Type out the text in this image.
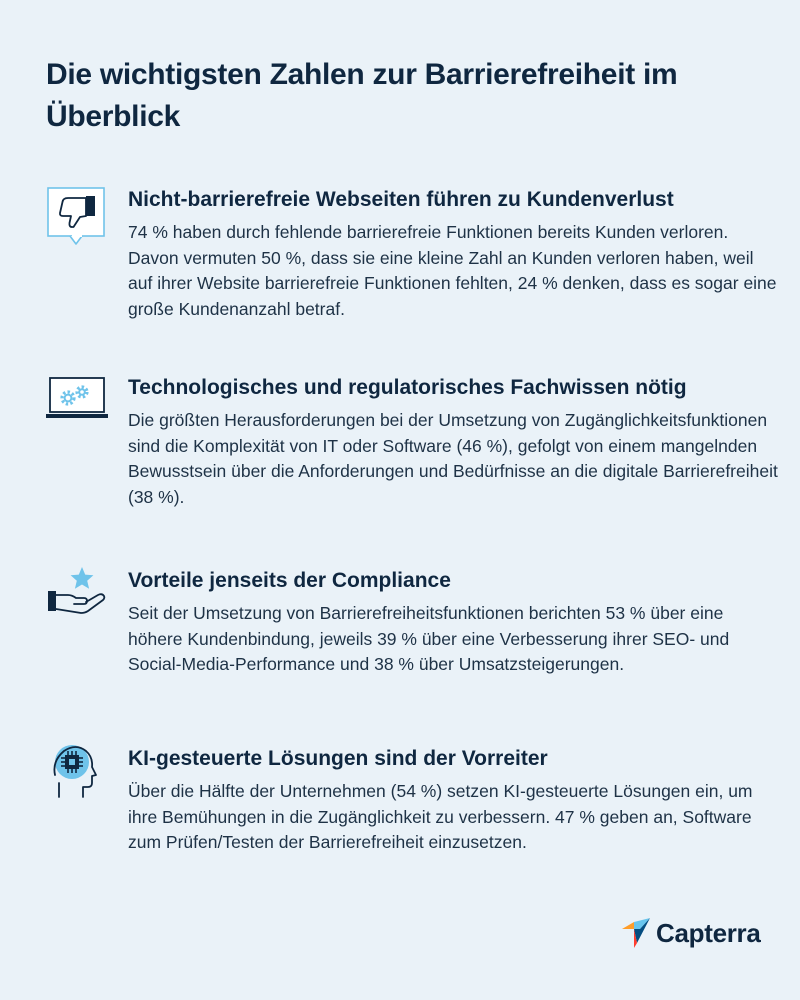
Die wichtigsten Zahlen zur Barrierefreiheit im Überblick
Nicht-barrierefreie Webseiten führen zu Kundenverlust
74 % haben durch fehlende barrierefreie Funktionen bereits Kunden verloren. Davon vermuten 50 %, dass sie eine kleine Zahl an Kunden verloren haben, weil auf ihrer Website barrierefreie Funktionen fehlten, 24 % denken, dass es sogar eine große Kundenanzahl betraf.
Technologisches und regulatorisches Fachwissen nötig
Die größten Herausforderungen bei der Umsetzung von Zugänglichkeitsfunktionen sind die Komplexität von IT oder Software (46 %), gefolgt von einem mangelnden Bewusstsein über die Anforderungen und Bedürfnisse an die digitale Barrierefreiheit (38 %).
Vorteile jenseits der Compliance
Seit der Umsetzung von Barrierefreiheitsfunktionen berichten 53 % über eine höhere Kundenbindung, jeweils 39 % über eine Verbesserung ihrer SEO- und Social-Media-Performance und 38 % über Umsatzsteigerungen.
KI-gesteuerte Lösungen sind der Vorreiter
Über die Hälfte der Unternehmen (54 %) setzen KI-gesteuerte Lösungen ein, um ihre Bemühungen in die Zugänglichkeit zu verbessern. 47 % geben an, Software zum Prüfen/Testen der Barrierefreiheit einzusetzen.
Capterra
